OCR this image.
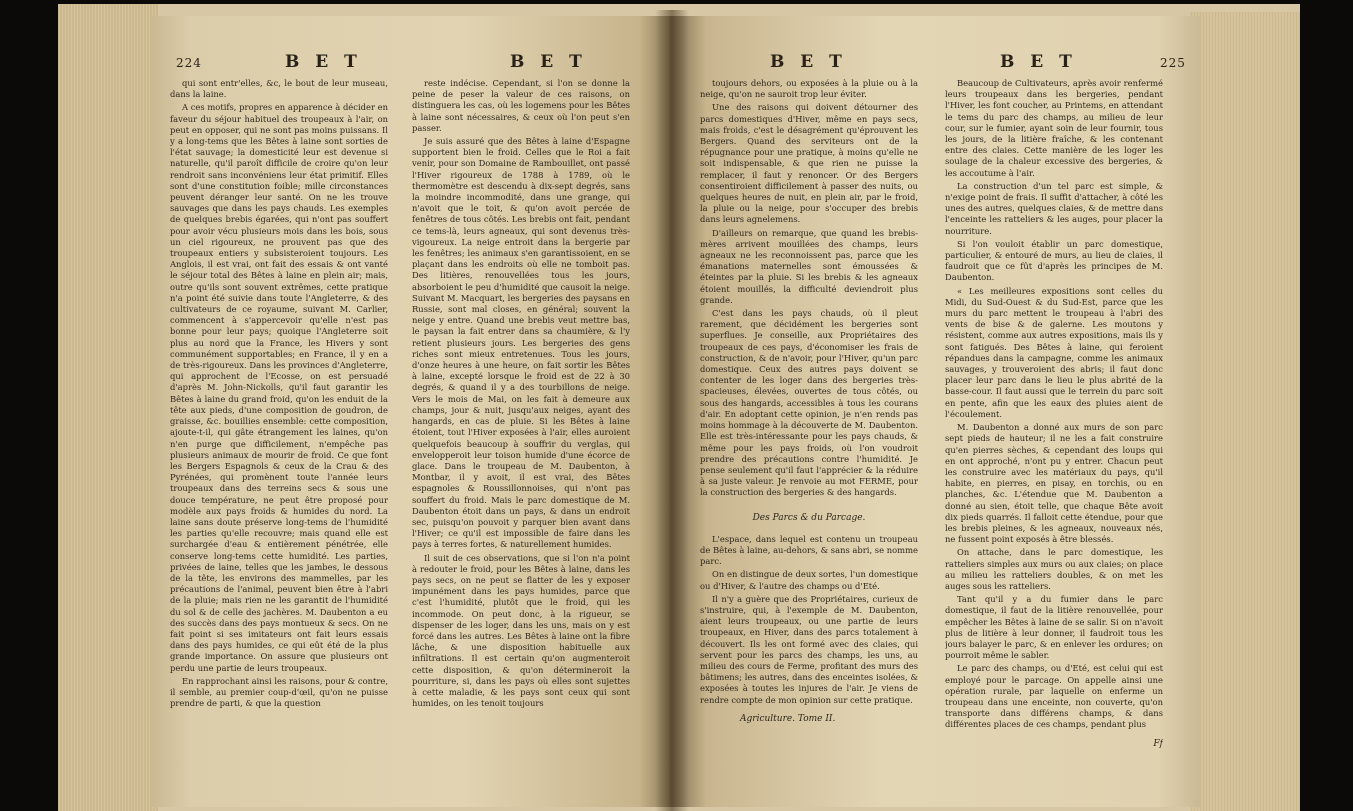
224	B E T	B E T

qui sont entr'elles, &c, le bout de leur museau, dans la laine.

A ces motifs, propres en apparence à décider en faveur du séjour habituel des troupeaux à l'air, on peut en opposer, qui ne sont pas moins puissans. Il y a long-tems que les Bêtes à laine sont sorties de l'état sauvage; la domesticité leur est devenue si naturelle, qu'il paroît difficile de croire qu'on leur rendroit sans inconvéniens leur état primitif. Elles sont d'une constitution foible; mille circonstances peuvent déranger leur santé. On ne les trouve sauvages que dans les pays chauds. Les exemples de quelques brebis égarées, qui n'ont pas souffert pour avoir vécu plusieurs mois dans les bois, sous un ciel rigoureux, ne prouvent pas que des troupeaux entiers y subsisteroient toujours. Les Anglois, il est vrai, ont fait des essais & ont vanté le séjour total des Bêtes à laine en plein air; mais, outre qu'ils sont souvent extrêmes, cette pratique n'a point été suivie dans toute l'Angleterre, & des cultivateurs de ce royaume, suivant M. Carlier, commencent à s'appercevoir qu'elle n'est pas bonne pour leur pays; quoique l'Angleterre soit plus au nord que la France, les Hivers y sont communément supportables; en France, il y en a de très-rigoureux. Dans les provinces d'Angleterre, qui approchent de l'Ecosse, on est persuadé d'après M. John-Nickolls, qu'il faut garantir les Bêtes à laine du grand froid, qu'on les enduit de la tête aux pieds, d'une composition de goudron, de graisse, &c. bouillies ensemble: cette composition, ajoute-t-il, qui gâte étrangement les laines, qu'on n'en purge que difficilement, n'empêche pas plusieurs animaux de mourir de froid. Ce que font les Bergers Espagnols & ceux de la Crau & des Pyrénées, qui promènent toute l'année leurs troupeaux dans des terreins secs & sous une douce température, ne peut être proposé pour modèle aux pays froids & humides du nord. La laine sans doute préserve long-tems de l'humidité les parties qu'elle recouvre; mais quand elle est surchargée d'eau & entièrement pénétrée, elle conserve long-tems cette humidité. Les parties, privées de laine, telles que les jambes, le dessous de la tête, les environs des mammelles, par les précautions de l'animal, peuvent bien être à l'abri de la pluie; mais rien ne les garantit de l'humidité du sol & de celle des jachères. M. Daubenton a eu des succès dans des pays montueux & secs. On ne fait point si ses imitateurs ont fait leurs essais dans des pays humides, ce qui eût été de la plus grande importance. On assure que plusieurs ont perdu une partie de leurs troupeaux.

En rapprochant ainsi les raisons, pour & contre, il semble, au premier coup-d'œil, qu'on ne puisse prendre de parti, & que la question

reste indécise. Cependant, si l'on se donne la peine de peser la valeur de ces raisons, on distinguera les cas, où les logemens pour les Bêtes à laine sont nécessaires, & ceux où l'on peut s'en passer.

Je suis assuré que des Bêtes à laine d'Espagne supportent bien le froid. Celles que le Roi a fait venir, pour son Domaine de Rambouillet, ont passé l'Hiver rigoureux de 1788 à 1789, où le thermomètre est descendu à dix-sept degrés, sans la moindre incommodité, dans une grange, qui n'avoit que le toit, & qu'on avoit percée de fenêtres de tous côtés. Les brebis ont fait, pendant ce tems-là, leurs agneaux, qui sont devenus très-vigoureux. La neige entroit dans la bergerie par les fenêtres; les animaux s'en garantissoient, en se plaçant dans les endroits où elle ne tomboit pas. Des litières, renouvellées tous les jours, absorboient le peu d'humidité que causoit la neige. Suivant M. Macquart, les bergeries des paysans en Russie, sont mal closes, en général; souvent la neige y entre. Quand une brebis veut mettre bas, le paysan la fait entrer dans sa chaumière, & l'y retient plusieurs jours. Les bergeries des gens riches sont mieux entretenues. Tous les jours, d'onze heures à une heure, on fait sortir les Bêtes à laine, excepté lorsque le froid est de 22 à 30 degrés, & quand il y a des tourbillons de neige. Vers le mois de Mai, on les fait à demeure aux champs, jour & nuit, jusqu'aux neiges, ayant des hangards, en cas de pluie. Si les Bêtes à laine étoient, tout l'Hiver exposées à l'air, elles auroient quelquefois beaucoup à souffrir du verglas, qui envelopperoit leur toison humide d'une écorce de glace. Dans le troupeau de M. Daubenton, à Montbar, il y avoit, il est vrai, des Bêtes espagnoles & Roussillonnoises, qui n'ont pas souffert du froid. Mais le parc domestique de M. Daubenton étoit dans un pays, & dans un endroit sec, puisqu'on pouvoit y parquer bien avant dans l'Hiver; ce qu'il est impossible de faire dans les pays à terres fortes, & naturellement humides.

Il suit de ces observations, que si l'on n'a point à redouter le froid, pour les Bêtes à laine, dans les pays secs, on ne peut se flatter de les y exposer impunément dans les pays humides, parce que c'est l'humidité, plutôt que le froid, qui les incommode. On peut donc, à la rigueur, se dispenser de les loger, dans les uns, mais on y est forcé dans les autres. Les Bêtes à laine ont la fibre lâche, & une disposition habituelle aux infiltrations. Il est certain qu'on augmenteroit cette disposition, & qu'on détermineroit la pourriture, si, dans les pays où elles sont sujettes à cette maladie, & les pays sont ceux qui sont humides, on les tenoit toujours

B E T	B E T	225

toujours dehors, ou exposées à la pluie ou à la neige, qu'on ne sauroit trop leur éviter.

Une des raisons qui doivent détourner des parcs domestiques d'Hiver, même en pays secs, mais froids, c'est le désagrément qu'éprouvent les Bergers. Quand des serviteurs ont de la répugnance pour une pratique, à moins qu'elle ne soit indispensable, & que rien ne puisse la remplacer, il faut y renoncer. Or des Bergers consentiroient difficilement à passer des nuits, ou quelques heures de nuit, en plein air, par le froid, la pluie ou la neige, pour s'occuper des brebis dans leurs agnelemens.

D'ailleurs on remarque, que quand les brebis-mères arrivent mouillées des champs, leurs agneaux ne les reconnoissent pas, parce que les émanations maternelles sont émoussées & éteintes par la pluie. Si les brebis & les agneaux étoient mouillés, la difficulté deviendroit plus grande.

C'est dans les pays chauds, où il pleut rarement, que décidément les bergeries sont superflues. Je conseille, aux Propriétaires des troupeaux de ces pays, d'économiser les frais de construction, & de n'avoir, pour l'Hiver, qu'un parc domestique. Ceux des autres pays doivent se contenter de les loger dans des bergeries très-spacieuses, élevées, ouvertes de tous côtés, ou sous des hangards, accessibles à tous les courans d'air. En adoptant cette opinion, je n'en rends pas moins hommage à la découverte de M. Daubenton. Elle est très-intéressante pour les pays chauds, & même pour les pays froids, où l'on voudroit prendre des précautions contre l'humidité. Je pense seulement qu'il faut l'apprécier & la réduire à sa juste valeur. Je renvoie au mot FERME, pour la construction des bergeries & des hangards.

Des Parcs & du Parcage.

L'espace, dans lequel est contenu un troupeau de Bêtes à laine, au-dehors, & sans abri, se nomme parc.

On en distingue de deux sortes, l'un domestique ou d'Hiver, & l'autre des champs ou d'Eté.

Il n'y a guère que des Propriétaires, curieux de s'instruire, qui, à l'exemple de M. Daubenton, aient leurs troupeaux, ou une partie de leurs troupeaux, en Hiver, dans des parcs totalement à découvert. Ils les ont formé avec des claies, qui servent pour les parcs des champs, les uns, au milieu des cours de Ferme, profitant des murs des bâtimens; les autres, dans des enceintes isolées, & exposées à toutes les injures de l'air. Je viens de rendre compte de mon opinion sur cette pratique.

Agriculture. Tome II.

Beaucoup de Cultivateurs, après avoir renfermé leurs troupeaux dans les bergeries, pendant l'Hiver, les font coucher, au Printems, en attendant le tems du parc des champs, au milieu de leur cour, sur le fumier, ayant soin de leur fournir, tous les jours, de la litière fraîche, & les contenant entre des claies. Cette manière de les loger les soulage de la chaleur excessive des bergeries, & les accoutume à l'air.

La construction d'un tel parc est simple, & n'exige point de frais. Il suffit d'attacher, à côté les unes des autres, quelques claies, & de mettre dans l'enceinte les ratteliers & les auges, pour placer la nourriture.

Si l'on vouloit établir un parc domestique, particulier, & entouré de murs, au lieu de claies, il faudroit que ce fût d'après les principes de M. Daubenton.

« Les meilleures expositions sont celles du Midi, du Sud-Ouest & du Sud-Est, parce que les murs du parc mettent le troupeau à l'abri des vents de bise & de galerne. Les moutons y résistent, comme aux autres expositions, mais ils y sont fatigués. Des Bêtes à laine, qui feroient répandues dans la campagne, comme les animaux sauvages, y trouveroient des abris; il faut donc placer leur parc dans le lieu le plus abrité de la basse-cour. Il faut aussi que le terrein du parc soit en pente, afin que les eaux des pluies aient de l'écoulement.

M. Daubenton a donné aux murs de son parc sept pieds de hauteur; il ne les a fait construire qu'en pierres sèches, & cependant des loups qui en ont approché, n'ont pu y entrer. Chacun peut les construire avec les matériaux du pays, qu'il habite, en pierres, en pisay, en torchis, ou en planches, &c. L'étendue que M. Daubenton a donné au sien, étoit telle, que chaque Bête avoit dix pieds quarrés. Il falloit cette étendue, pour que les brebis pleines, & les agneaux, nouveaux nés, ne fussent point exposés à être blessés.

On attache, dans le parc domestique, les ratteliers simples aux murs ou aux claies; on place au milieu les ratteliers doubles, & on met les auges sous les ratteliers.

Tant qu'il y a du fumier dans le parc domestique, il faut de la litière renouvellée, pour empêcher les Bêtes à laine de se salir. Si on n'avoit plus de litière à leur donner, il faudroit tous les jours balayer le parc, & en enlever les ordures; on pourroit même le sabler.

Le parc des champs, ou d'Eté, est celui qui est employé pour le parcage. On appelle ainsi une opération rurale, par laquelle on enferme un troupeau dans une enceinte, non couverte, qu'on transporte dans différens champs, & dans différentes places de ces champs, pendant plus

Ff
